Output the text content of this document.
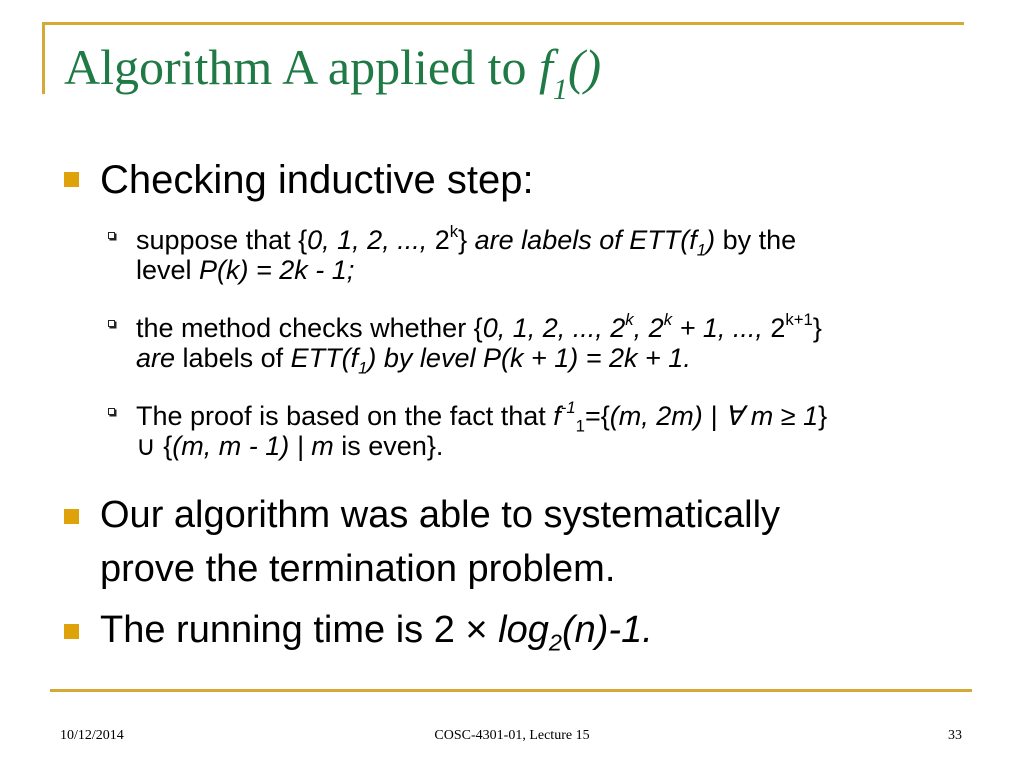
Algorithm A applied to $f_1()$
Checking inductive step:
suppose that {0, 1, 2, ..., 2$^k$} are labels of $ETT(f_1)$ by the
level P(k) = 2k - 1;
the method checks whether {0, 1, 2, ..., 2$^k$, $2^k + 1$, ..., $2^{k+1}$}
are labels of $ETT(f_1)$ by level P(k + 1) = 2k + 1.
The proof is based on the fact that $f^{-1}_1=\{(m$, 2m) | ∀ m ≥ 1}
∪ {(m, m - 1) | m is even}.
Our algorithm was able to systematically
prove the termination problem.
The running time is $2 \times \log_2(n)-1$.
10/12/2014	COSC-4301-01, Lecture 15	33
